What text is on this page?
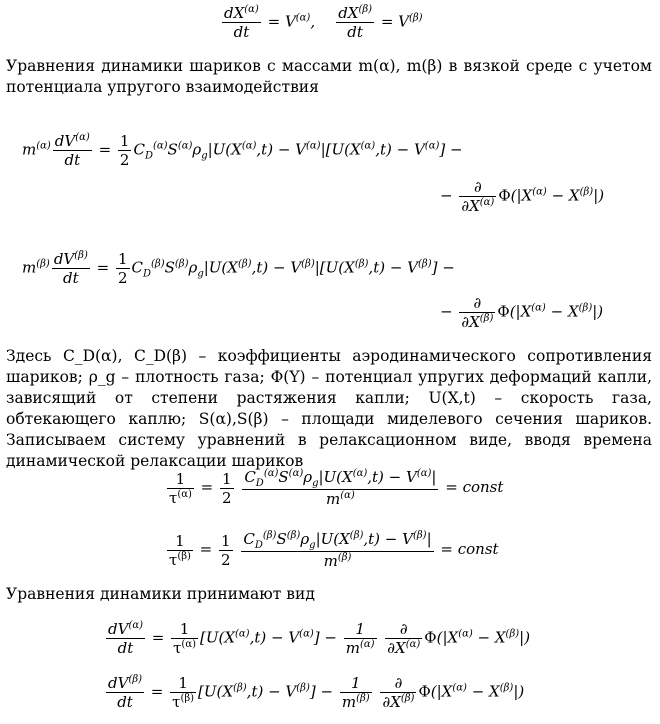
$\frac{dX^{(\alpha)}}{dt} = V^{(\alpha)}$, $\frac{dX^{(\beta)}}{dt} = V^{(\beta)}$

Уравнения динамики шариков с массами m(α), m(β) в вязкой среде с учетом потенциала упругого взаимодействия

$m^{(\alpha)} \frac{dV^{(\alpha)}}{dt} = \frac{1}{2} C_D^{(\alpha)}S^{(\alpha)}\rho_g|U(X^{(\alpha)},t) - V^{(\alpha)}|[U(X^{(\alpha)},t) - V^{(\alpha)}]$ −
− $\frac{\partial}{\partial X^{(\alpha)}} \Phi(|X^{(\alpha)} - X^{(\beta)}|)$
$m^{(\beta)} \frac{dV^{(\beta)}}{dt} = \frac{1}{2} C_D^{(\beta)}S^{(\beta)}\rho_g|U(X^{(\beta)},t) - V^{(\beta)}|[U(X^{(\beta)},t) - V^{(\beta)}]$ −
− $\frac{\partial}{\partial X^{(\beta)}} \Phi(|X^{(\alpha)} - X^{(\beta)}|)$

Здесь C_D(α), C_D(β) – коэффициенты аэродинамического сопротивления шариков; ρ_g – плотность газа; Φ(Y) – потенциал упругих деформаций капли, зависящий от степени растяжения капли; U(X,t) – скорость газа, обтекающего каплю; S(α),S(β) – площади миделевого сечения шариков. Записываем систему уравнений в релаксационном виде, вводя времена динамической релаксации шариков

$\frac{1}{\tau^{(\alpha)}} = \frac{1}{2}$
$\frac{C_D^{(\alpha)}S^{(\alpha)}\rho_g|U(X^{(\alpha)},t) - V^{(\alpha)}|}{m^{(\alpha)}}$ = const
$\frac{1}{\tau^{(\beta)}} = \frac{1}{2}$
$\frac{C_D^{(\beta)}S^{(\beta)}\rho_g|U(X^{(\beta)},t) - V^{(\beta)}|}{m^{(\beta)}}$ = const

Уравнения динамики принимают вид

$\frac{dV^{(\alpha)}}{dt} = \frac{1}{\tau^{(\alpha)}} [U(X^{(\alpha)},t) - V^{(\alpha)}] - \frac{1}{m^{(\alpha)}}$
$\frac{\partial}{\partial X^{(\alpha)}} \Phi(|X^{(\alpha)} - X^{(\beta)}|)$
$\frac{dV^{(\beta)}}{dt} = \frac{1}{\tau^{(\beta)}} [U(X^{(\beta)},t) - V^{(\beta)}] - \frac{1}{m^{(\beta)}}$
$\frac{\partial}{\partial X^{(\beta)}} \Phi(|X^{(\alpha)} - X^{(\beta)}|)$
